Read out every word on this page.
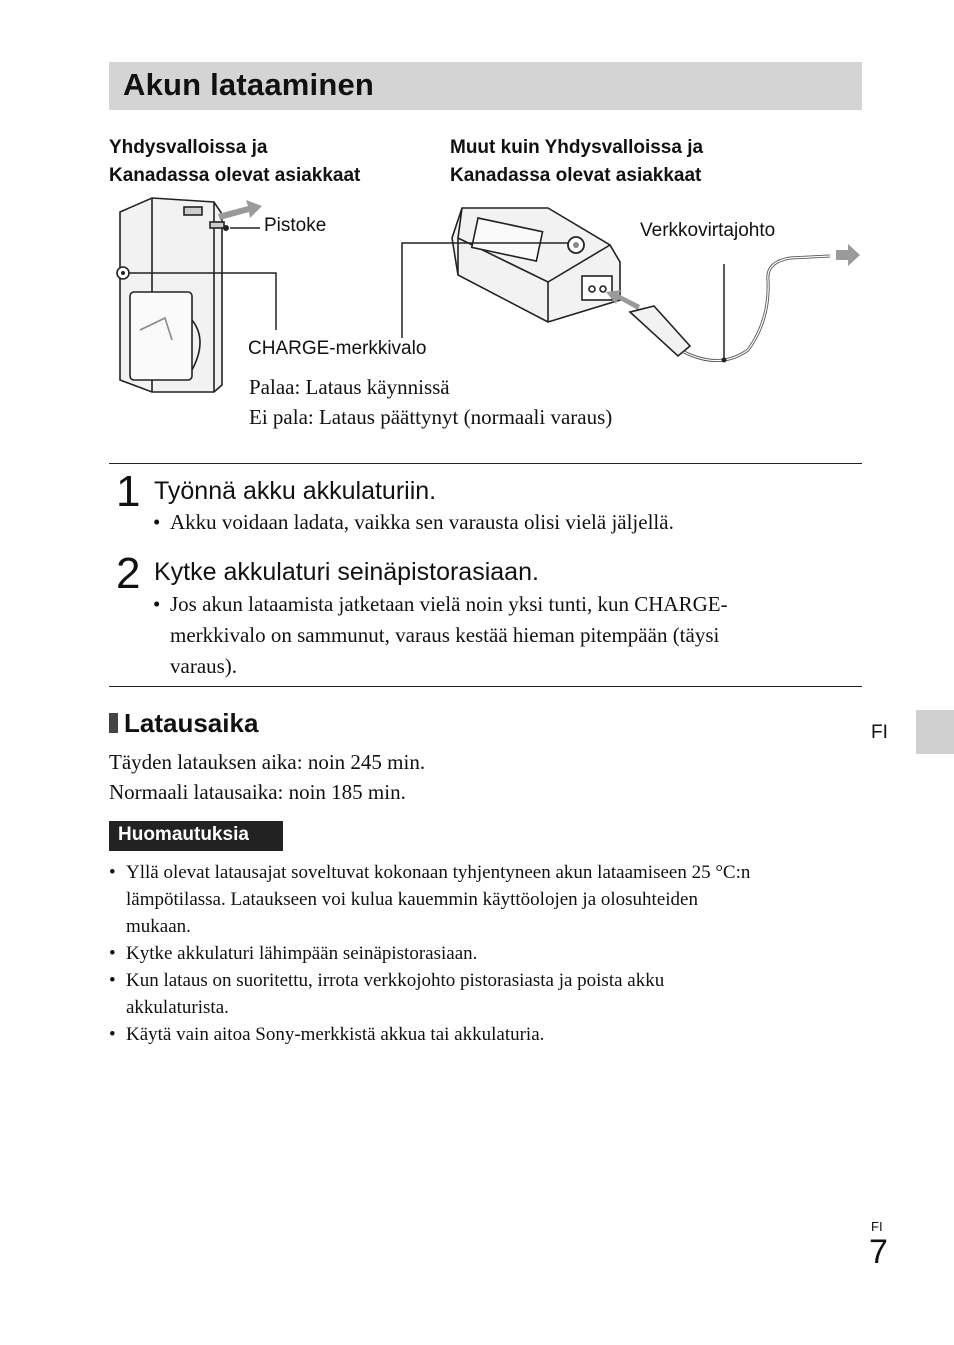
Akun lataaminen
Yhdysvalloissa ja
Kanadassa olevat asiakkaat
Muut kuin Yhdysvalloissa ja
Kanadassa olevat asiakkaat
Pistoke	Verkkovirtajohto
CHARGE-merkkivalo
Palaa: Lataus käynnissä
Ei pala: Lataus päättynyt (normaali varaus)
1 Työnnä akku akkulaturiin.
• Akku voidaan ladata, vaikka sen varausta olisi vielä jäljellä.
2 Kytke akkulaturi seinäpistorasiaan.
• Jos akun lataamista jatketaan vielä noin yksi tunti, kun CHARGE-
merkkivalo on sammunut, varaus kestää hieman pitempään (täysi
varaus).
Latausaika
Täyden latauksen aika: noin 245 min.
Normaali latausaika: noin 185 min.
Huomautuksia
• Yllä olevat latausajat soveltuvat kokonaan tyhjentyneen akun lataamiseen 25 °C:n
lämpötilassa. Lataukseen voi kulua kauemmin käyttöolojen ja olosuhteiden
mukaan.
• Kytke akkulaturi lähimpään seinäpistorasiaan.
• Kun lataus on suoritettu, irrota verkkojohto pistorasiasta ja poista akku
akkulaturista.
• Käytä vain aitoa Sony-merkkistä akkua tai akkulaturia.
FI
FI
7
